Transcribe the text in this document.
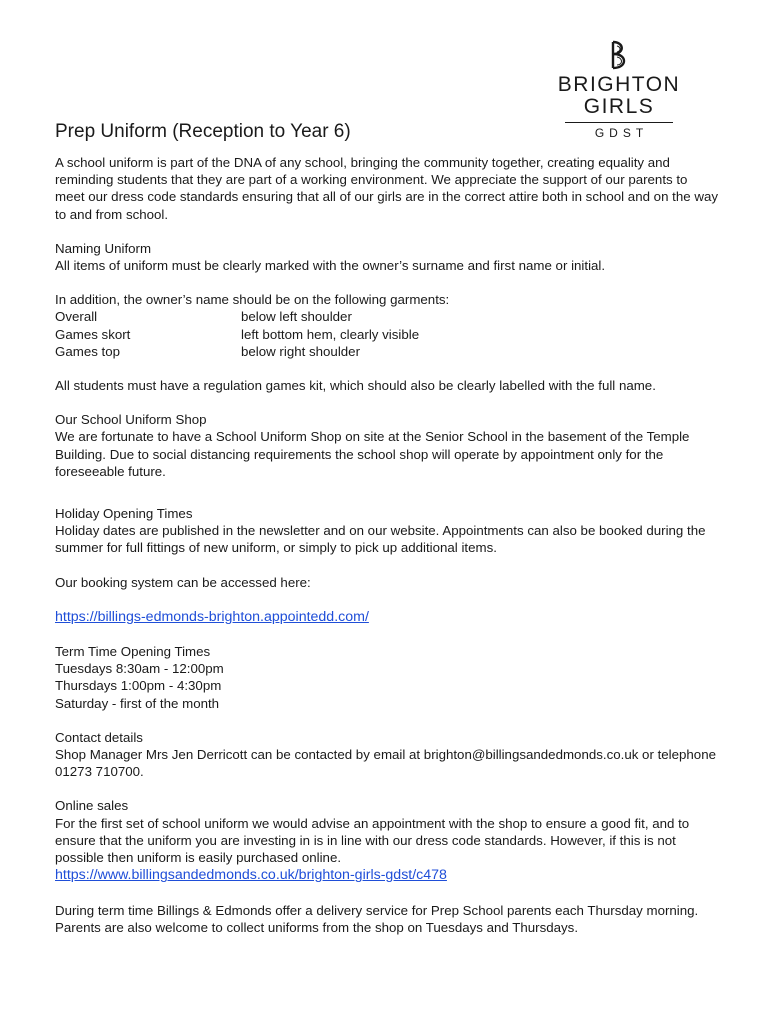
BRIGHTON
GIRLS
GDST
Prep Uniform (Reception to Year 6)

A school uniform is part of the DNA of any school, bringing the community together, creating equality and reminding students that they are part of a working environment. We appreciate the support of our parents to meet our dress code standards ensuring that all of our girls are in the correct attire both in school and on the way to and from school.

Naming Uniform

All items of uniform must be clearly marked with the owner’s surname and first name or initial.

In addition, the owner’s name should be on the following garments:

Overall	below left shoulder
Games skort	left bottom hem, clearly visible
Games top	below right shoulder

All students must have a regulation games kit, which should also be clearly labelled with the full name.

Our School Uniform Shop

We are fortunate to have a School Uniform Shop on site at the Senior School in the basement of the Temple Building. Due to social distancing requirements the school shop will operate by appointment only for the foreseeable future.

Holiday Opening Times

Holiday dates are published in the newsletter and on our website. Appointments can also be booked during the summer for full fittings of new uniform, or simply to pick up additional items.

Our booking system can be accessed here:

https://billings-edmonds-brighton.appointedd.com/

Term Time Opening Times

Tuesdays 8:30am - 12:00pm

Thursdays 1:00pm - 4:30pm

Saturday - first of the month

Contact details

Shop Manager Mrs Jen Derricott can be contacted by email at brighton@billingsandedmonds.co.uk or telephone 01273 710700.

Online sales

For the first set of school uniform we would advise an appointment with the shop to ensure a good fit, and to ensure that the uniform you are investing in is in line with our dress code standards. However, if this is not possible then uniform is easily purchased online.

https://www.billingsandedmonds.co.uk/brighton-girls-gdst/c478

During term time Billings & Edmonds offer a delivery service for Prep School parents each Thursday morning. Parents are also welcome to collect uniforms from the shop on Tuesdays and Thursdays.
